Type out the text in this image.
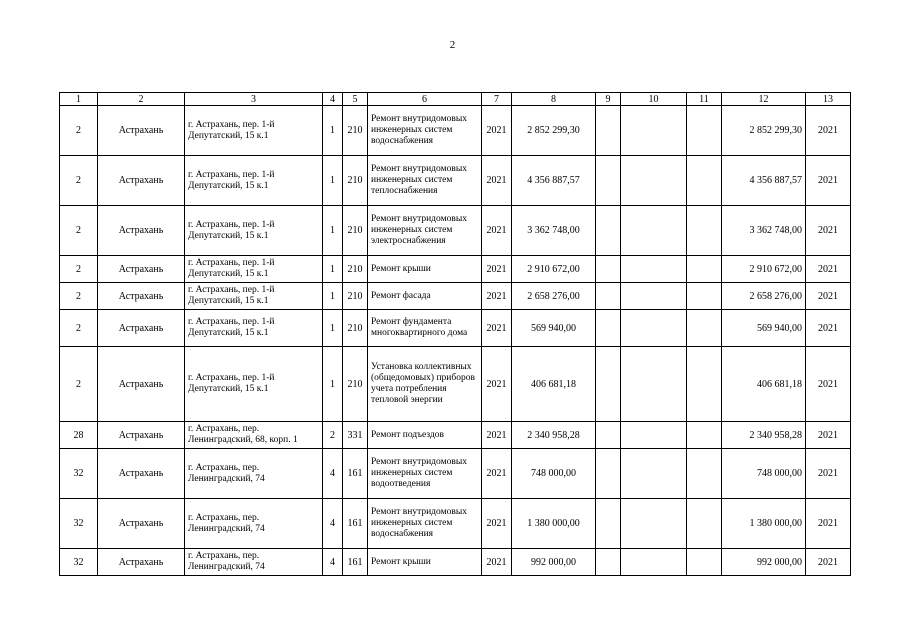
2
1	2	3	4	5	6	7	8	9	10	11	12	13
2	Астрахань	г. Астрахань, пер. 1-й Депутатский, 15 к.1	1	210	Ремонт внутридомовых инженерных систем водоснабжения	2021	2 852 299,30				2 852 299,30	2021
2	Астрахань	г. Астрахань, пер. 1-й Депутатский, 15 к.1	1	210	Ремонт внутридомовых инженерных систем теплоснабжения	2021	4 356 887,57				4 356 887,57	2021
2	Астрахань	г. Астрахань, пер. 1-й Депутатский, 15 к.1	1	210	Ремонт внутридомовых инженерных систем электроснабжения	2021	3 362 748,00				3 362 748,00	2021
2	Астрахань	г. Астрахань, пер. 1-й Депутатский, 15 к.1	1	210	Ремонт крыши	2021	2 910 672,00				2 910 672,00	2021
2	Астрахань	г. Астрахань, пер. 1-й Депутатский, 15 к.1	1	210	Ремонт фасада	2021	2 658 276,00				2 658 276,00	2021
2	Астрахань	г. Астрахань, пер. 1-й Депутатский, 15 к.1	1	210	Ремонт фундамента многоквартирного дома	2021	569 940,00				569 940,00	2021
2	Астрахань	г. Астрахань, пер. 1-й Депутатский, 15 к.1	1	210	Установка коллективных (общедомовых) приборов учета потребления тепловой энергии	2021	406 681,18				406 681,18	2021
28	Астрахань	г. Астрахань, пер. Ленинградский, 68, корп. 1	2	331	Ремонт подъездов	2021	2 340 958,28				2 340 958,28	2021
32	Астрахань	г. Астрахань, пер. Ленинградский, 74	4	161	Ремонт внутридомовых инженерных систем водоотведения	2021	748 000,00				748 000,00	2021
32	Астрахань	г. Астрахань, пер. Ленинградский, 74	4	161	Ремонт внутридомовых инженерных систем водоснабжения	2021	1 380 000,00				1 380 000,00	2021
32	Астрахань	г. Астрахань, пер. Ленинградский, 74	4	161	Ремонт крыши	2021	992 000,00				992 000,00	2021
